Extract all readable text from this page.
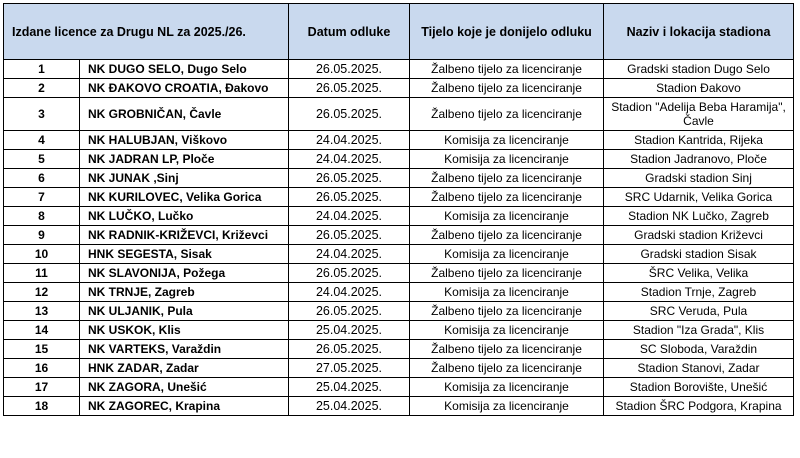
Izdane licence za Drugu NL za 2025./26.		Datum odluke	Tijelo koje je donijelo odluku	Naziv i lokacija stadiona
1	NK DUGO SELO, Dugo Selo	26.05.2025.	Žalbeno tijelo za licenciranje	Gradski stadion Dugo Selo
2	NK ĐAKOVO CROATIA, Đakovo	26.05.2025.	Žalbeno tijelo za licenciranje	Stadion Đakovo
3	NK GROBNIČAN, Čavle	26.05.2025.	Žalbeno tijelo za licenciranje	Stadion "Adelija Beba Haramija", Čavle
4	NK HALUBJAN, Viškovo	24.04.2025.	Komisija za licenciranje	Stadion Kantrida, Rijeka
5	NK JADRAN LP, Ploče	24.04.2025.	Komisija za licenciranje	Stadion Jadranovo, Ploče
6	NK JUNAK ,Sinj	26.05.2025.	Žalbeno tijelo za licenciranje	Gradski stadion Sinj
7	NK KURILOVEC, Velika Gorica	26.05.2025.	Žalbeno tijelo za licenciranje	SRC Udarnik, Velika Gorica
8	NK LUČKO, Lučko	24.04.2025.	Komisija za licenciranje	Stadion NK Lučko, Zagreb
9	NK RADNIK-KRIŽEVCI, Križevci	26.05.2025.	Žalbeno tijelo za licenciranje	Gradski stadion Križevci
10	HNK SEGESTA, Sisak	24.04.2025.	Komisija za licenciranje	Gradski stadion Sisak
11	NK SLAVONIJA, Požega	26.05.2025.	Žalbeno tijelo za licenciranje	ŠRC Velika, Velika
12	NK TRNJE, Zagreb	24.04.2025.	Komisija za licenciranje	Stadion Trnje, Zagreb
13	NK ULJANIK, Pula	26.05.2025.	Žalbeno tijelo za licenciranje	SRC Veruda, Pula
14	NK USKOK, Klis	25.04.2025.	Komisija za licenciranje	Stadion "Iza Grada", Klis
15	NK VARTEKS, Varaždin	26.05.2025.	Žalbeno tijelo za licenciranje	SC Sloboda, Varaždin
16	HNK ZADAR, Zadar	27.05.2025.	Žalbeno tijelo za licenciranje	Stadion Stanovi, Zadar
17	NK ZAGORA, Unešić	25.04.2025.	Komisija za licenciranje	Stadion Borovište, Unešić
18	NK ZAGOREC, Krapina	25.04.2025.	Komisija za licenciranje	Stadion ŠRC Podgora, Krapina
